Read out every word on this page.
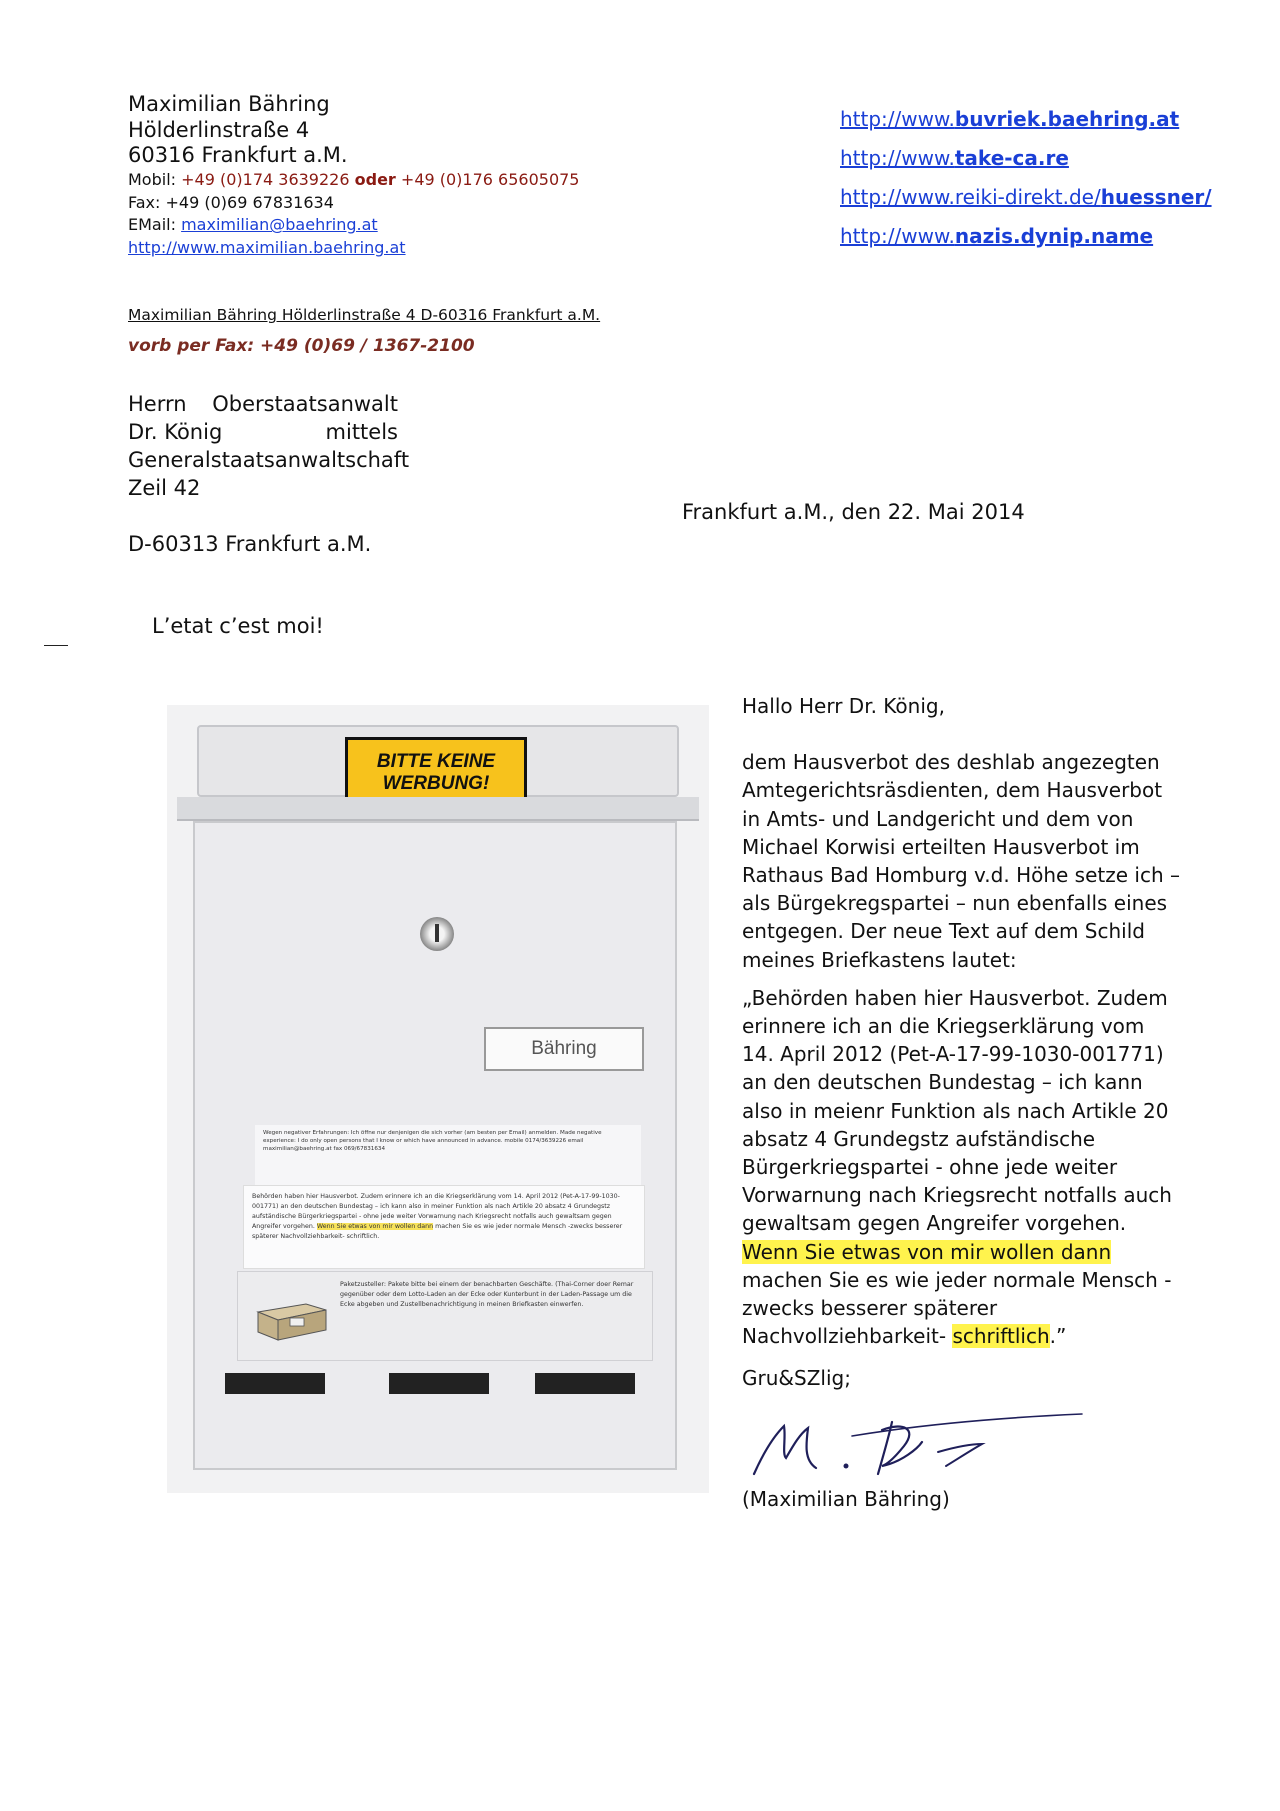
Maximilian Bähring
Hölderlinstraße 4
60316 Frankfurt a.M.
Mobil: +49 (0)174 3639226 oder +49 (0)176 65605075
Fax: +49 (0)69 67831634
EMail: maximilian@baehring.at
http://www.maximilian.baehring.at
http://www.buvriek.baehring.at
http://www.take-ca.re
http://www.reiki-direkt.de/huessner/
http://www.nazis.dynip.name
Maximilian Bähring Hölderlinstraße 4 D-60316 Frankfurt a.M.
vorb per Fax: +49 (0)69 / 1367-2100
Herrn Oberstaatsanwalt
Dr. König	mittels
Generalstaatsanwaltschaft
Zeil 42
D-60313 Frankfurt a.M.
Frankfurt a.M., den 22. Mai 2014
L’etat c’est moi!
BITTE KEINE WERBUNG!
Bähring
Wegen negativer Erfahrungen: Ich öffne nur denjenigen die sich vorher (am besten per Email) anmelden. Made negative experience: I do only open persons that I know or which have announced in advance. mobile 0174/3639226 email maximilian@baehring.at fax 069/67831634
Behörden haben hier Hausverbot. Zudem erinnere ich an die Kriegserklärung vom 14. April 2012 (Pet-A-17-99-1030-001771) an den deutschen Bundestag – ich kann also in meiner Funktion als nach Artikle 20 absatz 4 Grundegstz aufständische Bürgerkriegspartei - ohne jede weiter Vorwarnung nach Kriegsrecht notfalls auch gewaltsam gegen Angreifer vorgehen. Wenn Sie etwas von mir wollen dann machen Sie es wie jeder normale Mensch -zwecks besserer späterer Nachvollziehbarkeit- schriftlich.
Paketzusteller: Pakete bitte bei einem der benachbarten Geschäfte. (Thai-Corner doer Remar gegenüber oder dem Lotto-Laden an der Ecke oder Kunterbunt in der Laden-Passage um die Ecke abgeben und Zustellbenachrichtigung in meinen Briefkasten einwerfen.

Hallo Herr Dr. König,

dem Hausverbot des deshlab angezegten Amtegerichtsräsdienten, dem Hausverbot in Amts- und Landgericht und dem von Michael Korwisi erteilten Hausverbot im Rathaus Bad Homburg v.d. Höhe setze ich – als Bürgekregspartei – nun ebenfalls eines entgegen. Der neue Text auf dem Schild meines Briefkastens lautet:

„Behörden haben hier Hausverbot. Zudem erinnere ich an die Kriegserklärung vom 14. April 2012 (Pet-A-17-99-1030-001771) an den deutschen Bundestag – ich kann also in meienr Funktion als nach Artikle 20 absatz 4 Grundegstz aufständische Bürgerkriegspartei - ohne jede weiter Vorwarnung nach Kriegsrecht notfalls auch gewaltsam gegen Angreifer vorgehen. Wenn Sie etwas von mir wollen dann machen Sie es wie jeder normale Mensch - zwecks besserer späterer Nachvollziehbarkeit- schriftlich.”

Gru&SZlig;

(Maximilian Bähring)
